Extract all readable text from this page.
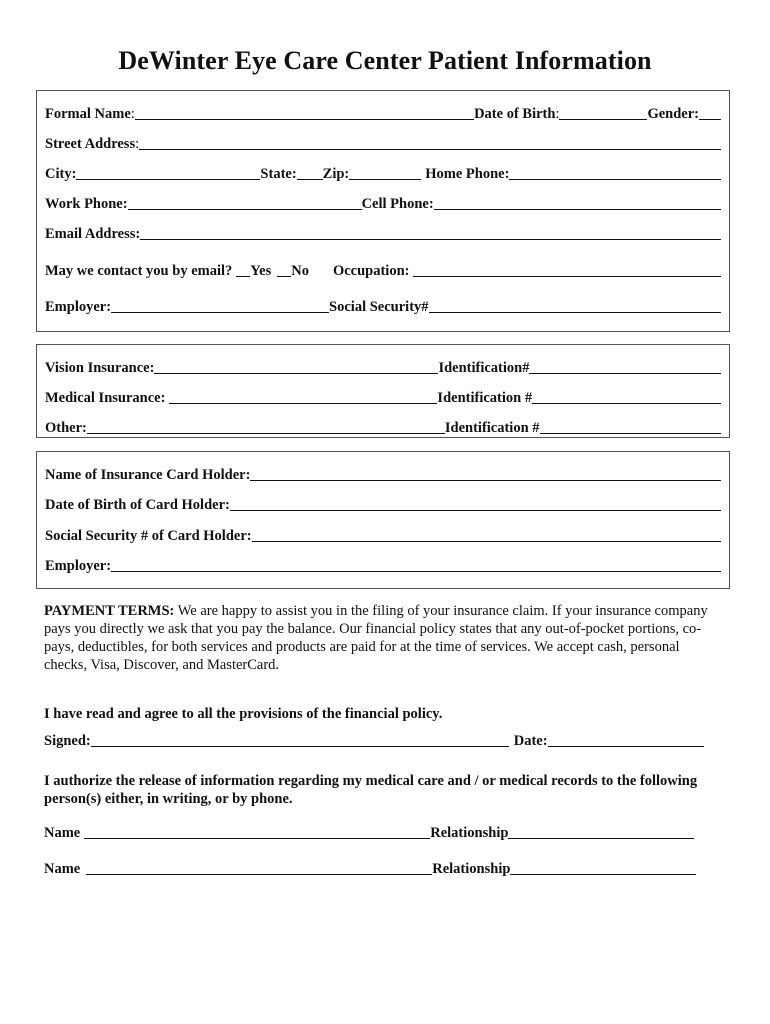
DeWinter Eye Care Center Patient Information
Formal Name :	Date of Birth :	Gender:
Street Address :
City:	State: Zip:	Home Phone:
Work Phone:	Cell Phone:
Email Address:
May we contact you by email? Yes No Occupation:
Employer:	Social Security#
Vision Insurance:	Identification#
Medical Insurance:	Identification #
Other:	Identification #
Name of Insurance Card Holder:
Date of Birth of Card Holder:
Social Security # of Card Holder:
Employer:
PAYMENT TERMS: We are happy to assist you in the filing of your insurance claim. If your insurance company pays you directly we ask that you pay the balance. Our financial policy states that any out-of-pocket portions, co-pays, deductibles, for both services and products are paid for at the time of services. We accept cash, personal checks, Visa, Discover, and MasterCard.
I have read and agree to all the provisions of the financial policy.
Signed:	Date:
I authorize the release of information regarding my medical care and / or medical records to the following person(s) either, in writing, or by phone.
Name	Relationship
Name	Relationship
